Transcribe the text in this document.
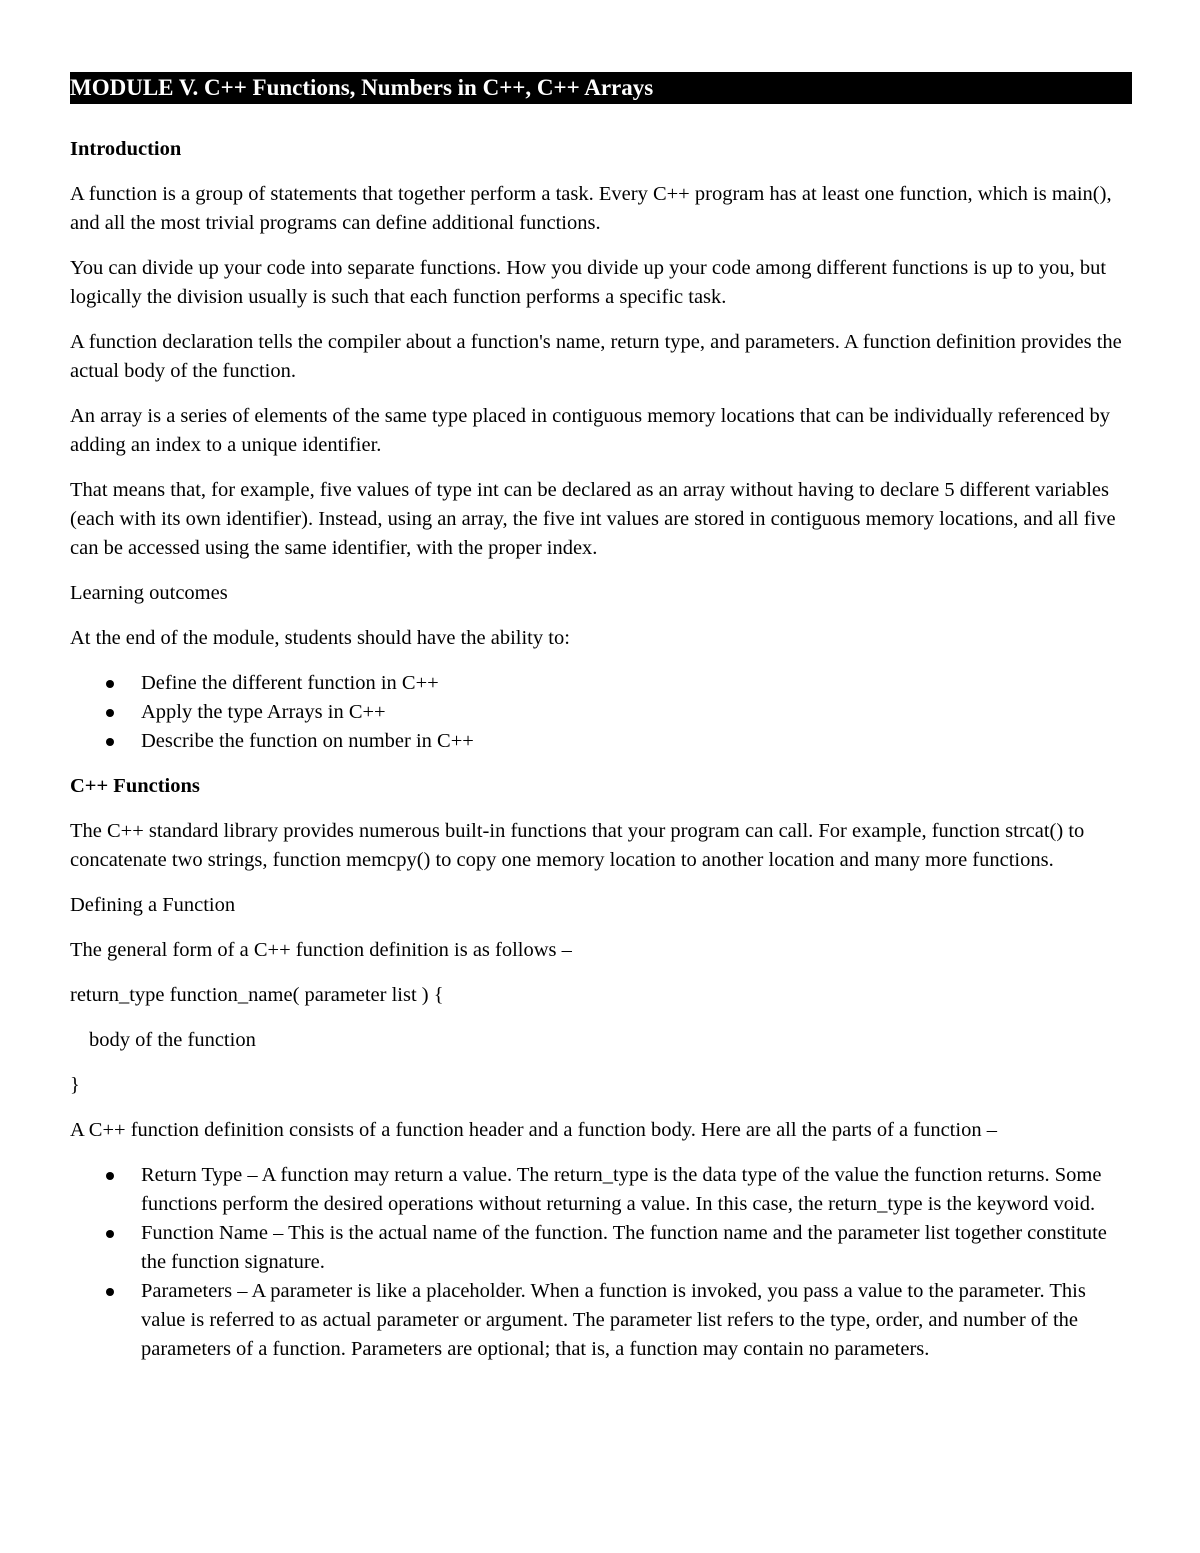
MODULE V. C++ Functions, Numbers in C++, C++ Arrays
Introduction

A function is a group of statements that together perform a task. Every C++ program has at least one function, which is main(), and all the most trivial programs can define additional functions.

You can divide up your code into separate functions. How you divide up your code among different functions is up to you, but logically the division usually is such that each function performs a specific task.

A function declaration tells the compiler about a function's name, return type, and parameters. A function definition provides the actual body of the function.

An array is a series of elements of the same type placed in contiguous memory locations that can be individually referenced by adding an index to a unique identifier.

That means that, for example, five values of type int can be declared as an array without having to declare 5 different variables (each with its own identifier). Instead, using an array, the five int values are stored in contiguous memory locations, and all five can be accessed using the same identifier, with the proper index.

Learning outcomes

At the end of the module, students should have the ability to:

Define the different function in C++
Apply the type Arrays in C++
Describe the function on number in C++
C++ Functions

The C++ standard library provides numerous built-in functions that your program can call. For example, function strcat() to concatenate two strings, function memcpy() to copy one memory location to another location and many more functions.

Defining a Function

The general form of a C++ function definition is as follows –

return_type function_name( parameter list ) {

body of the function

}

A C++ function definition consists of a function header and a function body. Here are all the parts of a function –

Return Type – A function may return a value. The return_type is the data type of the value the function returns. Some functions perform the desired operations without returning a value. In this case, the return_type is the keyword void.
Function Name – This is the actual name of the function. The function name and the parameter list together constitute the function signature.
Parameters – A parameter is like a placeholder. When a function is invoked, you pass a value to the parameter. This value is referred to as actual parameter or argument. The parameter list refers to the type, order, and number of the parameters of a function. Parameters are optional; that is, a function may contain no parameters.
